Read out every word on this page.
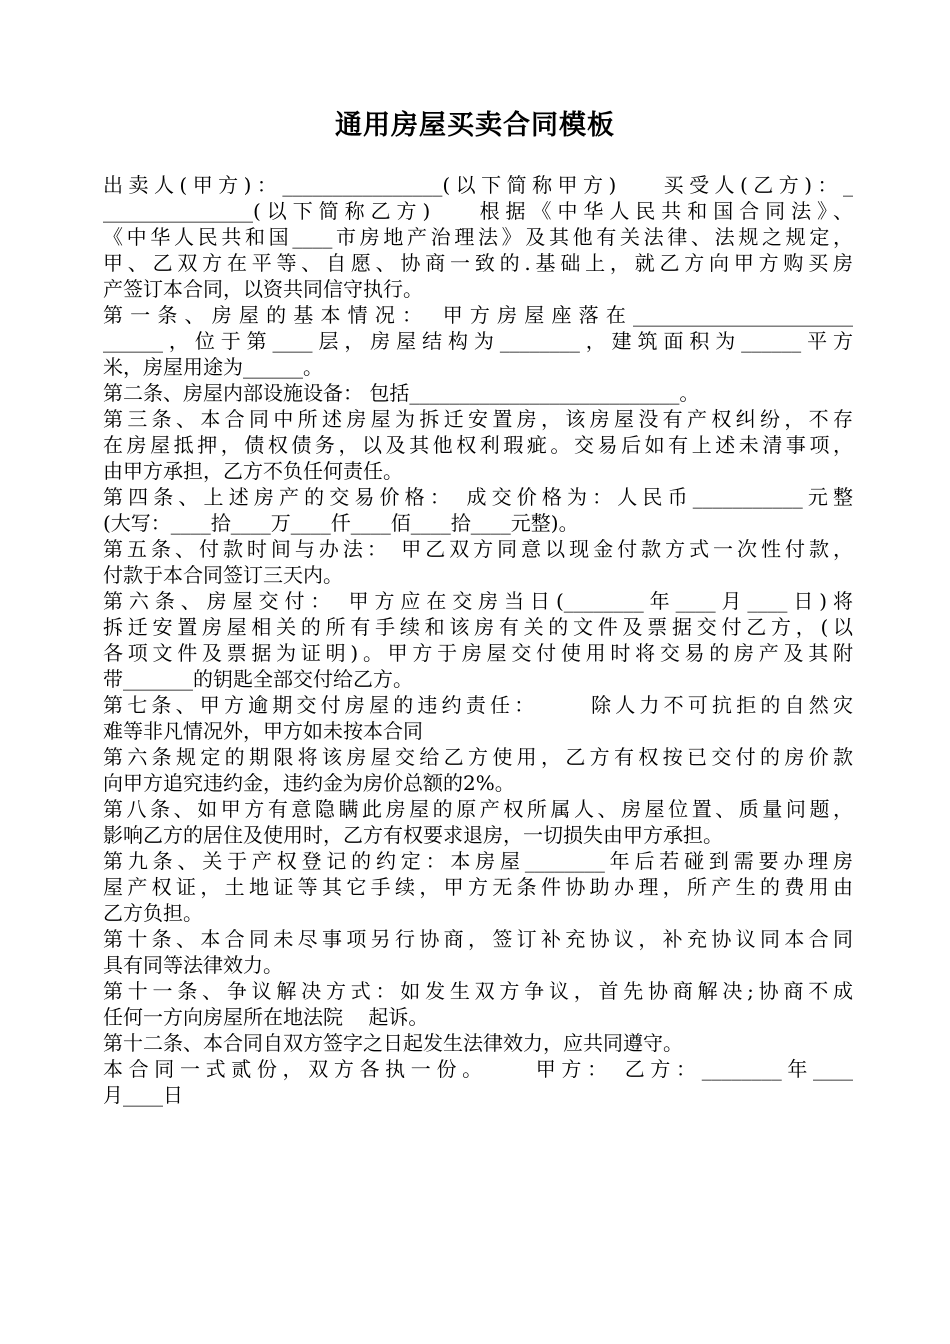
通用房屋买卖合同模板
出卖人(甲方)：________________(以下简称甲方)    买受人(乙方)：_
_______________(以下简称乙方)    根据《中华人民共和国合同法》、
《中华人民共和国____市房地产治理法》及其他有关法律、法规之规定，
甲、乙双方在平等、自愿、协商一致的.基础上，就乙方向甲方购买房
产签订本合同，以资共同信守执行。
第一条、房屋的基本情况： 甲方房屋座落在______________________
______，位于第____层，房屋结构为________，建筑面积为______平方
米，房屋用途为______。
第二条、房屋内部设施设备： 包括___________________________。
第三条、本合同中所述房屋为拆迁安置房，该房屋没有产权纠纷，不存
在房屋抵押，债权债务，以及其他权利瑕疵。交易后如有上述未清事项，
由甲方承担，乙方不负任何责任。
第四条、上述房产的交易价格： 成交价格为：人民币___________元整
(大写：____拾____万____仟____佰____拾____元整)。
第五条、付款时间与办法： 甲乙双方同意以现金付款方式一次性付款，
付款于本合同签订三天内。
第六条、房屋交付： 甲方应在交房当日(________年____月____日)将
拆迁安置房屋相关的所有手续和该房有关的文件及票据交付乙方，(以
各项文件及票据为证明)。甲方于房屋交付使用时将交易的房产及其附
带_______的钥匙全部交付给乙方。
第七条、甲方逾期交付房屋的违约责任：     除人力不可抗拒的自然灾
难等非凡情况外，甲方如未按本合同
第六条规定的期限将该房屋交给乙方使用，乙方有权按已交付的房价款
向甲方追究违约金，违约金为房价总额的2%。
第八条、如甲方有意隐瞒此房屋的原产权所属人、房屋位置、质量问题，
影响乙方的居住及使用时，乙方有权要求退房，一切损失由甲方承担。
第九条、关于产权登记的约定：本房屋________年后若碰到需要办理房
屋产权证，土地证等其它手续，甲方无条件协助办理，所产生的费用由
乙方负担。
第十条、本合同未尽事项另行协商，签订补充协议，补充协议同本合同
具有同等法律效力。
第十一条、争议解决方式：如发生双方争议，首先协商解决;协商不成
任何一方向房屋所在地法院    起诉。
第十二条、本合同自双方签字之日起发生法律效力，应共同遵守。
本合同一式贰份，双方各执一份。    甲方： 乙方：________年____
月____日
